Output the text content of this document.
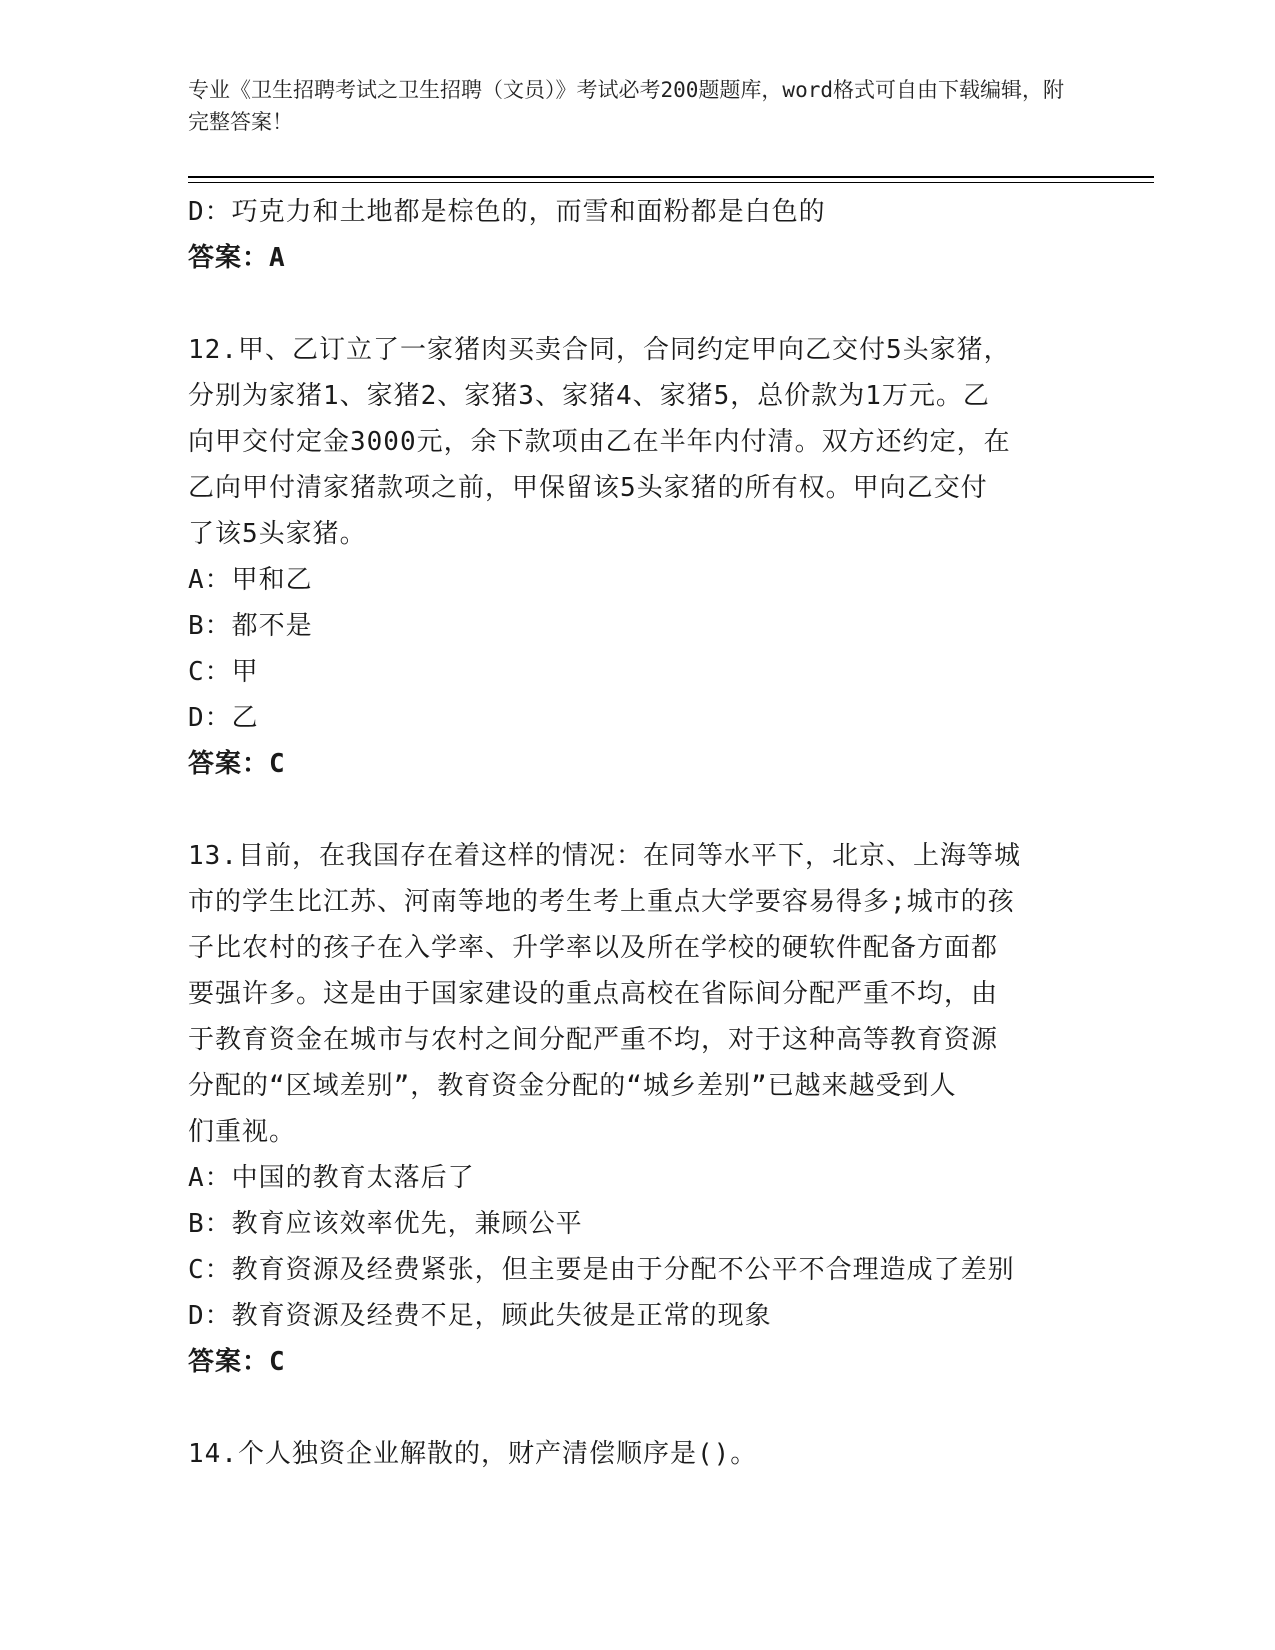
专业《卫生招聘考试之卫生招聘（文员）》考试必考200题题库，word格式可自由下载编辑，附完整答案！
D：巧克力和土地都是棕色的，而雪和面粉都是白色的
答案：A
12.甲、乙订立了一家猪肉买卖合同，合同约定甲向乙交付5头家猪，
分别为家猪1、家猪2、家猪3、家猪4、家猪5，总价款为1万元。乙
向甲交付定金3000元，余下款项由乙在半年内付清。双方还约定，在
乙向甲付清家猪款项之前，甲保留该5头家猪的所有权。甲向乙交付
了该5头家猪。
A：甲和乙
B：都不是
C：甲
D：乙
答案：C
13.目前，在我国存在着这样的情况：在同等水平下，北京、上海等城
市的学生比江苏、河南等地的考生考上重点大学要容易得多;城市的孩
子比农村的孩子在入学率、升学率以及所在学校的硬软件配备方面都
要强许多。这是由于国家建设的重点高校在省际间分配严重不均，由
于教育资金在城市与农村之间分配严重不均，对于这种高等教育资源
分配的“区域差别”，教育资金分配的“城乡差别”已越来越受到人
们重视。
A：中国的教育太落后了
B：教育应该效率优先，兼顾公平
C：教育资源及经费紧张，但主要是由于分配不公平不合理造成了差别
D：教育资源及经费不足，顾此失彼是正常的现象
答案：C
14.个人独资企业解散的，财产清偿顺序是()。
